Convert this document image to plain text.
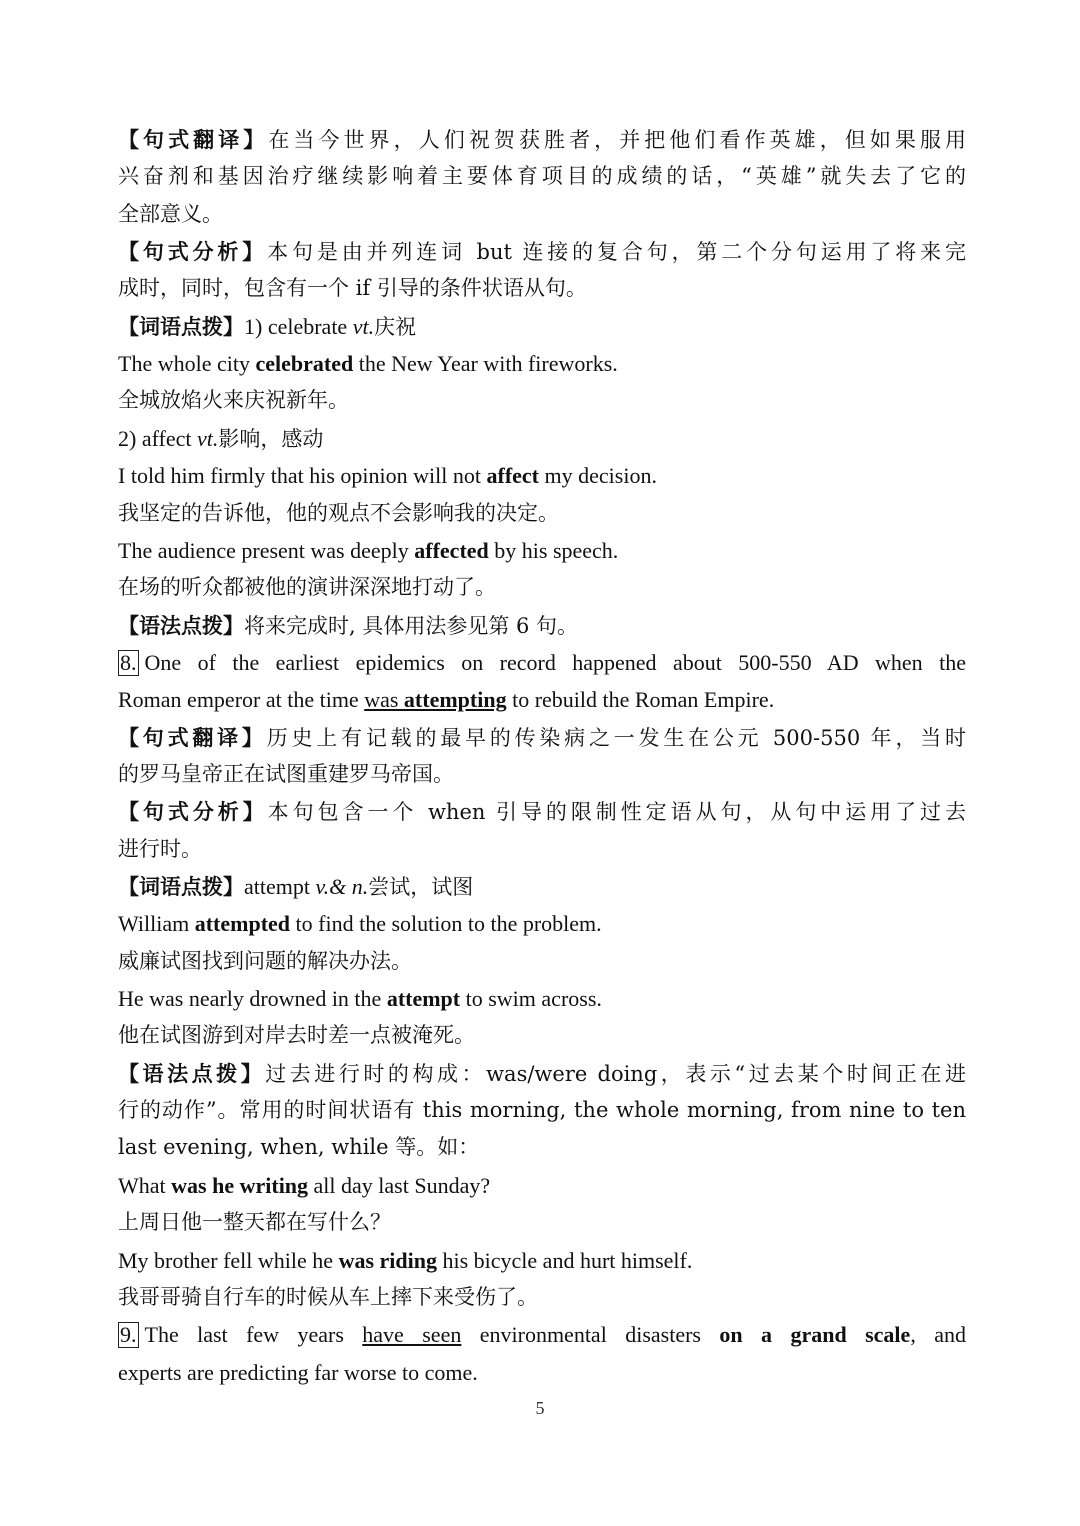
【句式翻译】在当今世界，人们祝贺获胜者，并把他们看作英雄，但如果服用
兴奋剂和基因治疗继续影响着主要体育项目的成绩的话，“英雄”就失去了它的
全部意义。
【句式分析】本句是由并列连词 but 连接的复合句，第二个分句运用了将来完
成时，同时，包含有一个 if 引导的条件状语从句。
【词语点拨】1) celebrate vt.庆祝
The whole city celebrated the New Year with fireworks.
全城放焰火来庆祝新年。
2) affect vt.影响，感动
I told him firmly that his opinion will not affect my decision.
我坚定的告诉他，他的观点不会影响我的决定。
The audience present was deeply affected by his speech.
在场的听众都被他的演讲深深地打动了。
【语法点拨】将来完成时, 具体用法参见第 6 句。
8. One of the earliest epidemics on record happened about 500-550 AD when the
Roman emperor at the time was attempting to rebuild the Roman Empire.
【句式翻译】历史上有记载的最早的传染病之一发生在公元 500-550 年，当时
的罗马皇帝正在试图重建罗马帝国。
【句式分析】本句包含一个 when 引导的限制性定语从句，从句中运用了过去
进行时。
【词语点拨】attempt v.& n.尝试，试图
William attempted to find the solution to the problem.
威廉试图找到问题的解决办法。
He was nearly drowned in the attempt to swim across.
他在试图游到对岸去时差一点被淹死。
【语法点拨】过去进行时的构成：was/were doing，表示“过去某个时间正在进
行的动作”。常用的时间状语有 this morning, the whole morning, from nine to ten
last evening, when, while 等。如：
What was he writing all day last Sunday?
上周日他一整天都在写什么？
My brother fell while he was riding his bicycle and hurt himself.
我哥哥骑自行车的时候从车上摔下来受伤了。
9. The last few years have seen environmental disasters on a grand scale, and
experts are predicting far worse to come.
5
